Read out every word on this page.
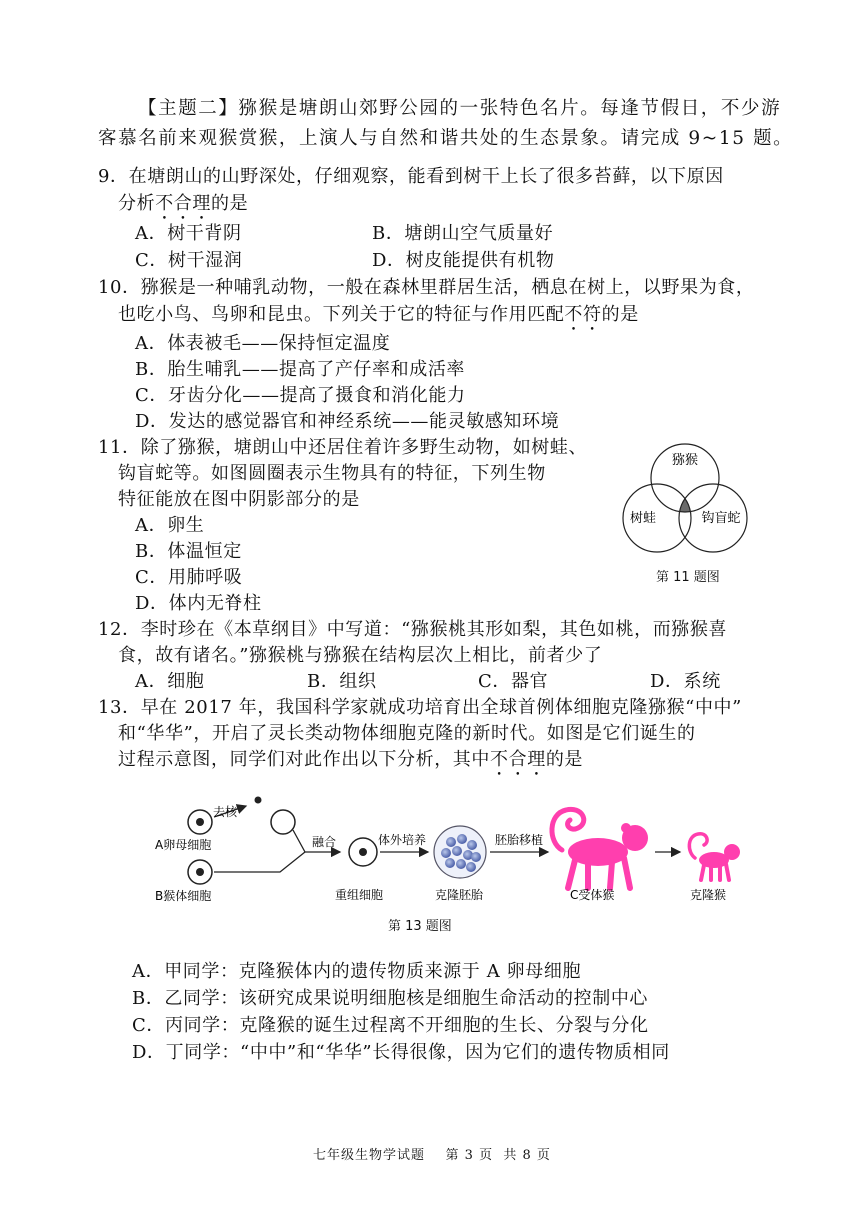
【主题二】猕猴是塘朗山郊野公园的一张特色名片。每逢节假日，不少游
客慕名前来观猴赏猴，上演人与自然和谐共处的生态景象。请完成 9~15 题。
9．在塘朗山的山野深处，仔细观察，能看到树干上长了很多苔藓，以下原因
分析不合理的是
A．树干背阴	B．塘朗山空气质量好
C．树干湿润	D．树皮能提供有机物
10．猕猴是一种哺乳动物，一般在森林里群居生活，栖息在树上，以野果为食，
也吃小鸟、鸟卵和昆虫。下列关于它的特征与作用匹配不符的是
A．体表被毛——保持恒定温度
B．胎生哺乳——提高了产仔率和成活率
C．牙齿分化——提高了摄食和消化能力
D．发达的感觉器官和神经系统——能灵敏感知环境
11．除了猕猴，塘朗山中还居住着许多野生动物，如树蛙、
钩盲蛇等。如图圆圈表示生物具有的特征，下列生物
特征能放在图中阴影部分的是
A．卵生
B．体温恒定
C．用肺呼吸
D．体内无脊柱
猕猴
树蛙	钩盲蛇
第 11 题图
12．李时珍在《本草纲目》中写道：“猕猴桃其形如梨，其色如桃，而猕猴喜
食，故有诸名。”猕猴桃与猕猴在结构层次上相比，前者少了
A．细胞	B．组织	C．器官	D．系统
13．早在 2017 年，我国科学家就成功培育出全球首例体细胞克隆猕猴“中中”
和“华华”，开启了灵长类动物体细胞克隆的新时代。如图是它们诞生的
过程示意图，同学们对此作出以下分析，其中不合理的是
A卵母细胞
去核
B猴体细胞
融合
重组细胞
体外培养
克隆胚胎
胚胎移植
C受体猴	克隆猴
第 13 题图
A．甲同学：克隆猴体内的遗传物质来源于 A 卵母细胞
B．乙同学：该研究成果说明细胞核是细胞生命活动的控制中心
C．丙同学：克隆猴的诞生过程离不开细胞的生长、分裂与分化
D．丁同学：“中中”和“华华”长得很像，因为它们的遗传物质相同
七年级生物学试题    第 3 页  共 8 页
